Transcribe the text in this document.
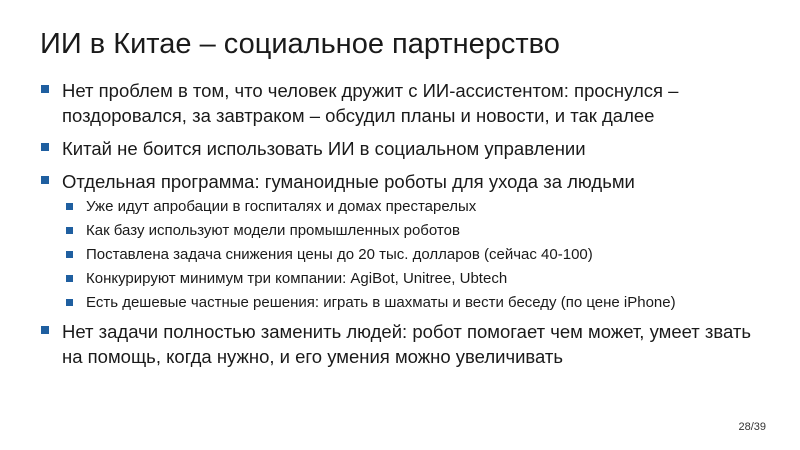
ИИ в Китае – социальное партнерство
Нет проблем в том, что человек дружит с ИИ-ассистентом: проснулся – поздоровался, за завтраком – обсудил планы и новости, и так далее
Китай не боится использовать ИИ в социальном управлении
Отдельная программа: гуманоидные роботы для ухода за людьми
Уже идут апробации в госпиталях и домах престарелых
Как базу используют модели промышленных роботов
Поставлена задача снижения цены до 20 тыс. долларов (сейчас 40-100)
Конкурируют минимум три компании: AgiBot, Unitree, Ubtech
Есть дешевые частные решения: играть в шахматы и вести беседу (по цене iPhone)
Нет задачи полностью заменить людей: робот помогает чем может, умеет звать на помощь, когда нужно, и его умения можно увеличивать
28/39
